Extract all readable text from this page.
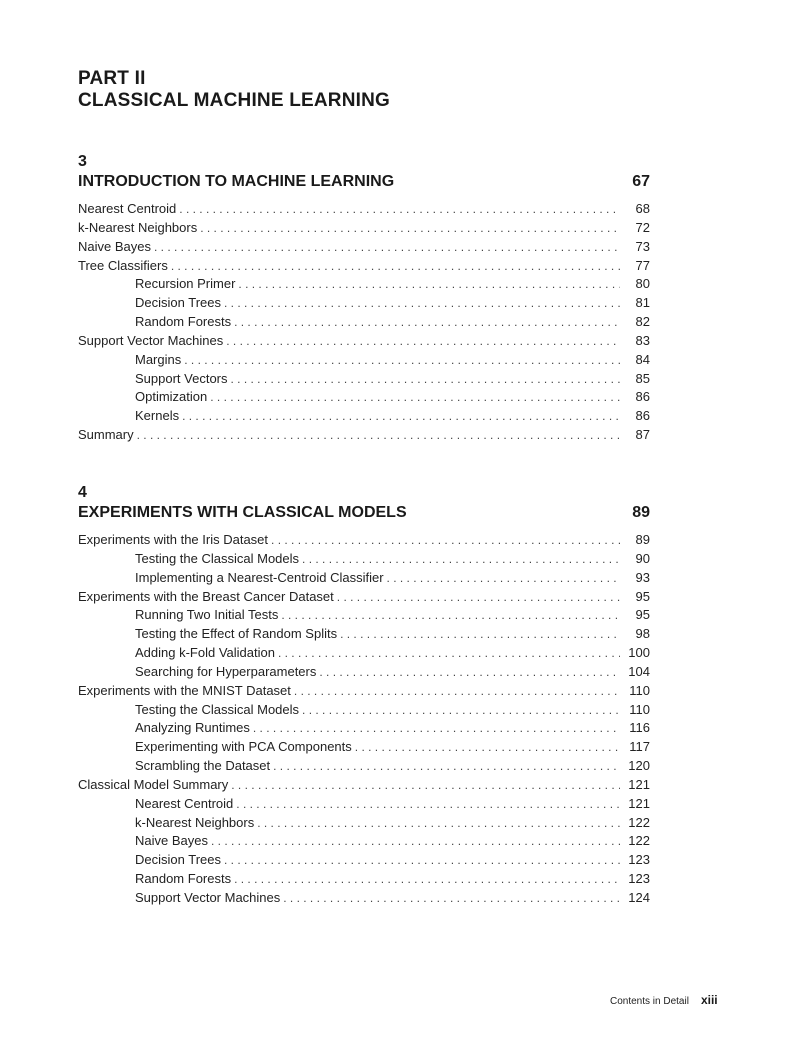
PART II
CLASSICAL MACHINE LEARNING
3
INTRODUCTION TO MACHINE LEARNING	67
Nearest Centroid . . .	68
k-Nearest Neighbors . . .	72
Naive Bayes . . .	73
Tree Classifiers . . .	77
Recursion Primer . . .	80
Decision Trees . . .	81
Random Forests . . .	82
Support Vector Machines . . .	83
Margins . . .	84
Support Vectors . . .	85
Optimization . . .	86
Kernels . . .	86
Summary . . .	87
4
EXPERIMENTS WITH CLASSICAL MODELS	89
Experiments with the Iris Dataset . . .	89
Testing the Classical Models . . .	90
Implementing a Nearest-Centroid Classifier . . .	93
Experiments with the Breast Cancer Dataset . . .	95
Running Two Initial Tests . . .	95
Testing the Effect of Random Splits . . .	98
Adding k-Fold Validation . . .	100
Searching for Hyperparameters . . .	104
Experiments with the MNIST Dataset . . .	110
Testing the Classical Models . . .	110
Analyzing Runtimes . . .	116
Experimenting with PCA Components . . .	117
Scrambling the Dataset . . .	120
Classical Model Summary . . .	121
Nearest Centroid . . .	121
k-Nearest Neighbors . . .	122
Naive Bayes . . .	122
Decision Trees . . .	123
Random Forests . . .	123
Support Vector Machines . . .	124
Contents in Detail xiii
